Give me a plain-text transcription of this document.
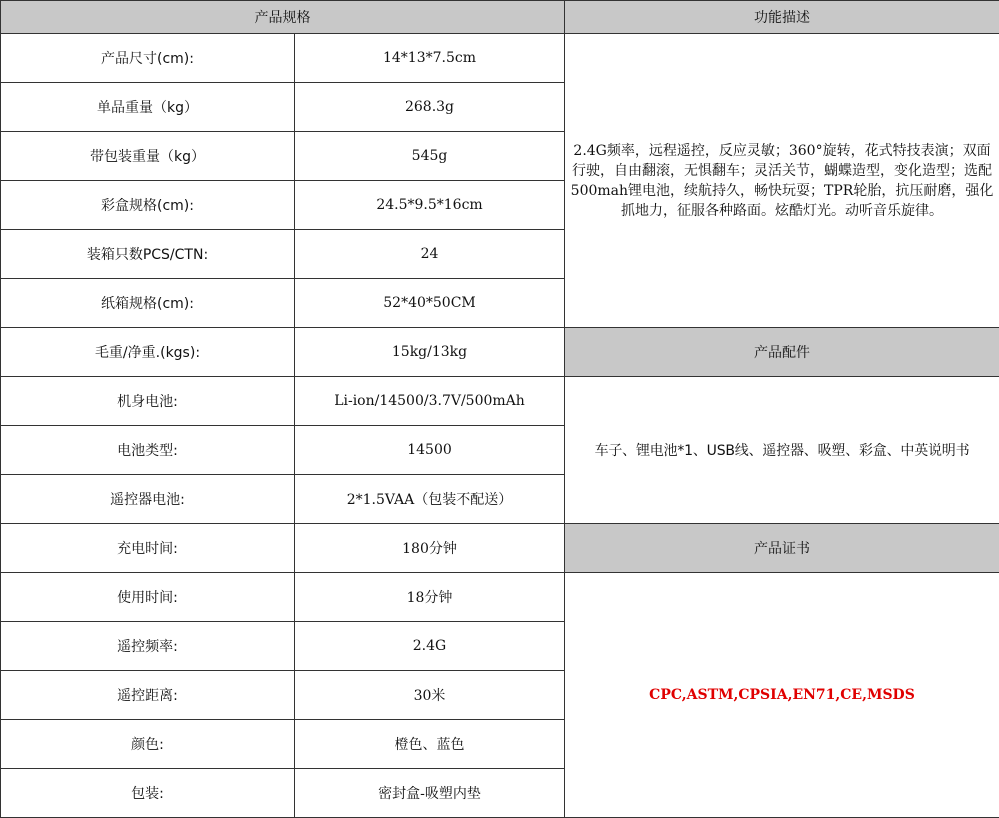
产品规格		功能描述
产品尺寸(cm):	14*13*7.5cm	2.4G频率，远程遥控，反应灵敏；360°旋转，花式特技表演；双面行驶，自由翻滚，无惧翻车；灵活关节，蝴蝶造型，变化造型；选配500mah锂电池，续航持久，畅快玩耍；TPR轮胎，抗压耐磨，强化抓地力，征服各种路面。炫酷灯光。动听音乐旋律。
单品重量（kg）	268.3g	
带包装重量（kg）	545g	
彩盒规格(cm):	24.5*9.5*16cm	
装箱只数PCS/CTN:	24	
纸箱规格(cm):	52*40*50CM	
毛重/净重.(kgs):	15kg/13kg	产品配件
机身电池:	Li-ion/14500/3.7V/500mAh	车子、锂电池*1、USB线、遥控器、吸塑、彩盒、中英说明书
电池类型:	14500	
遥控器电池:	2*1.5VAA（包装不配送）	
充电时间:	180分钟	产品证书
使用时间:	18分钟	CPC,ASTM,CPSIA,EN71,CE,MSDS
遥控频率:	2.4G	
遥控距离:	30米	
颜色:	橙色、蓝色	
包装:	密封盒-吸塑内垫	
